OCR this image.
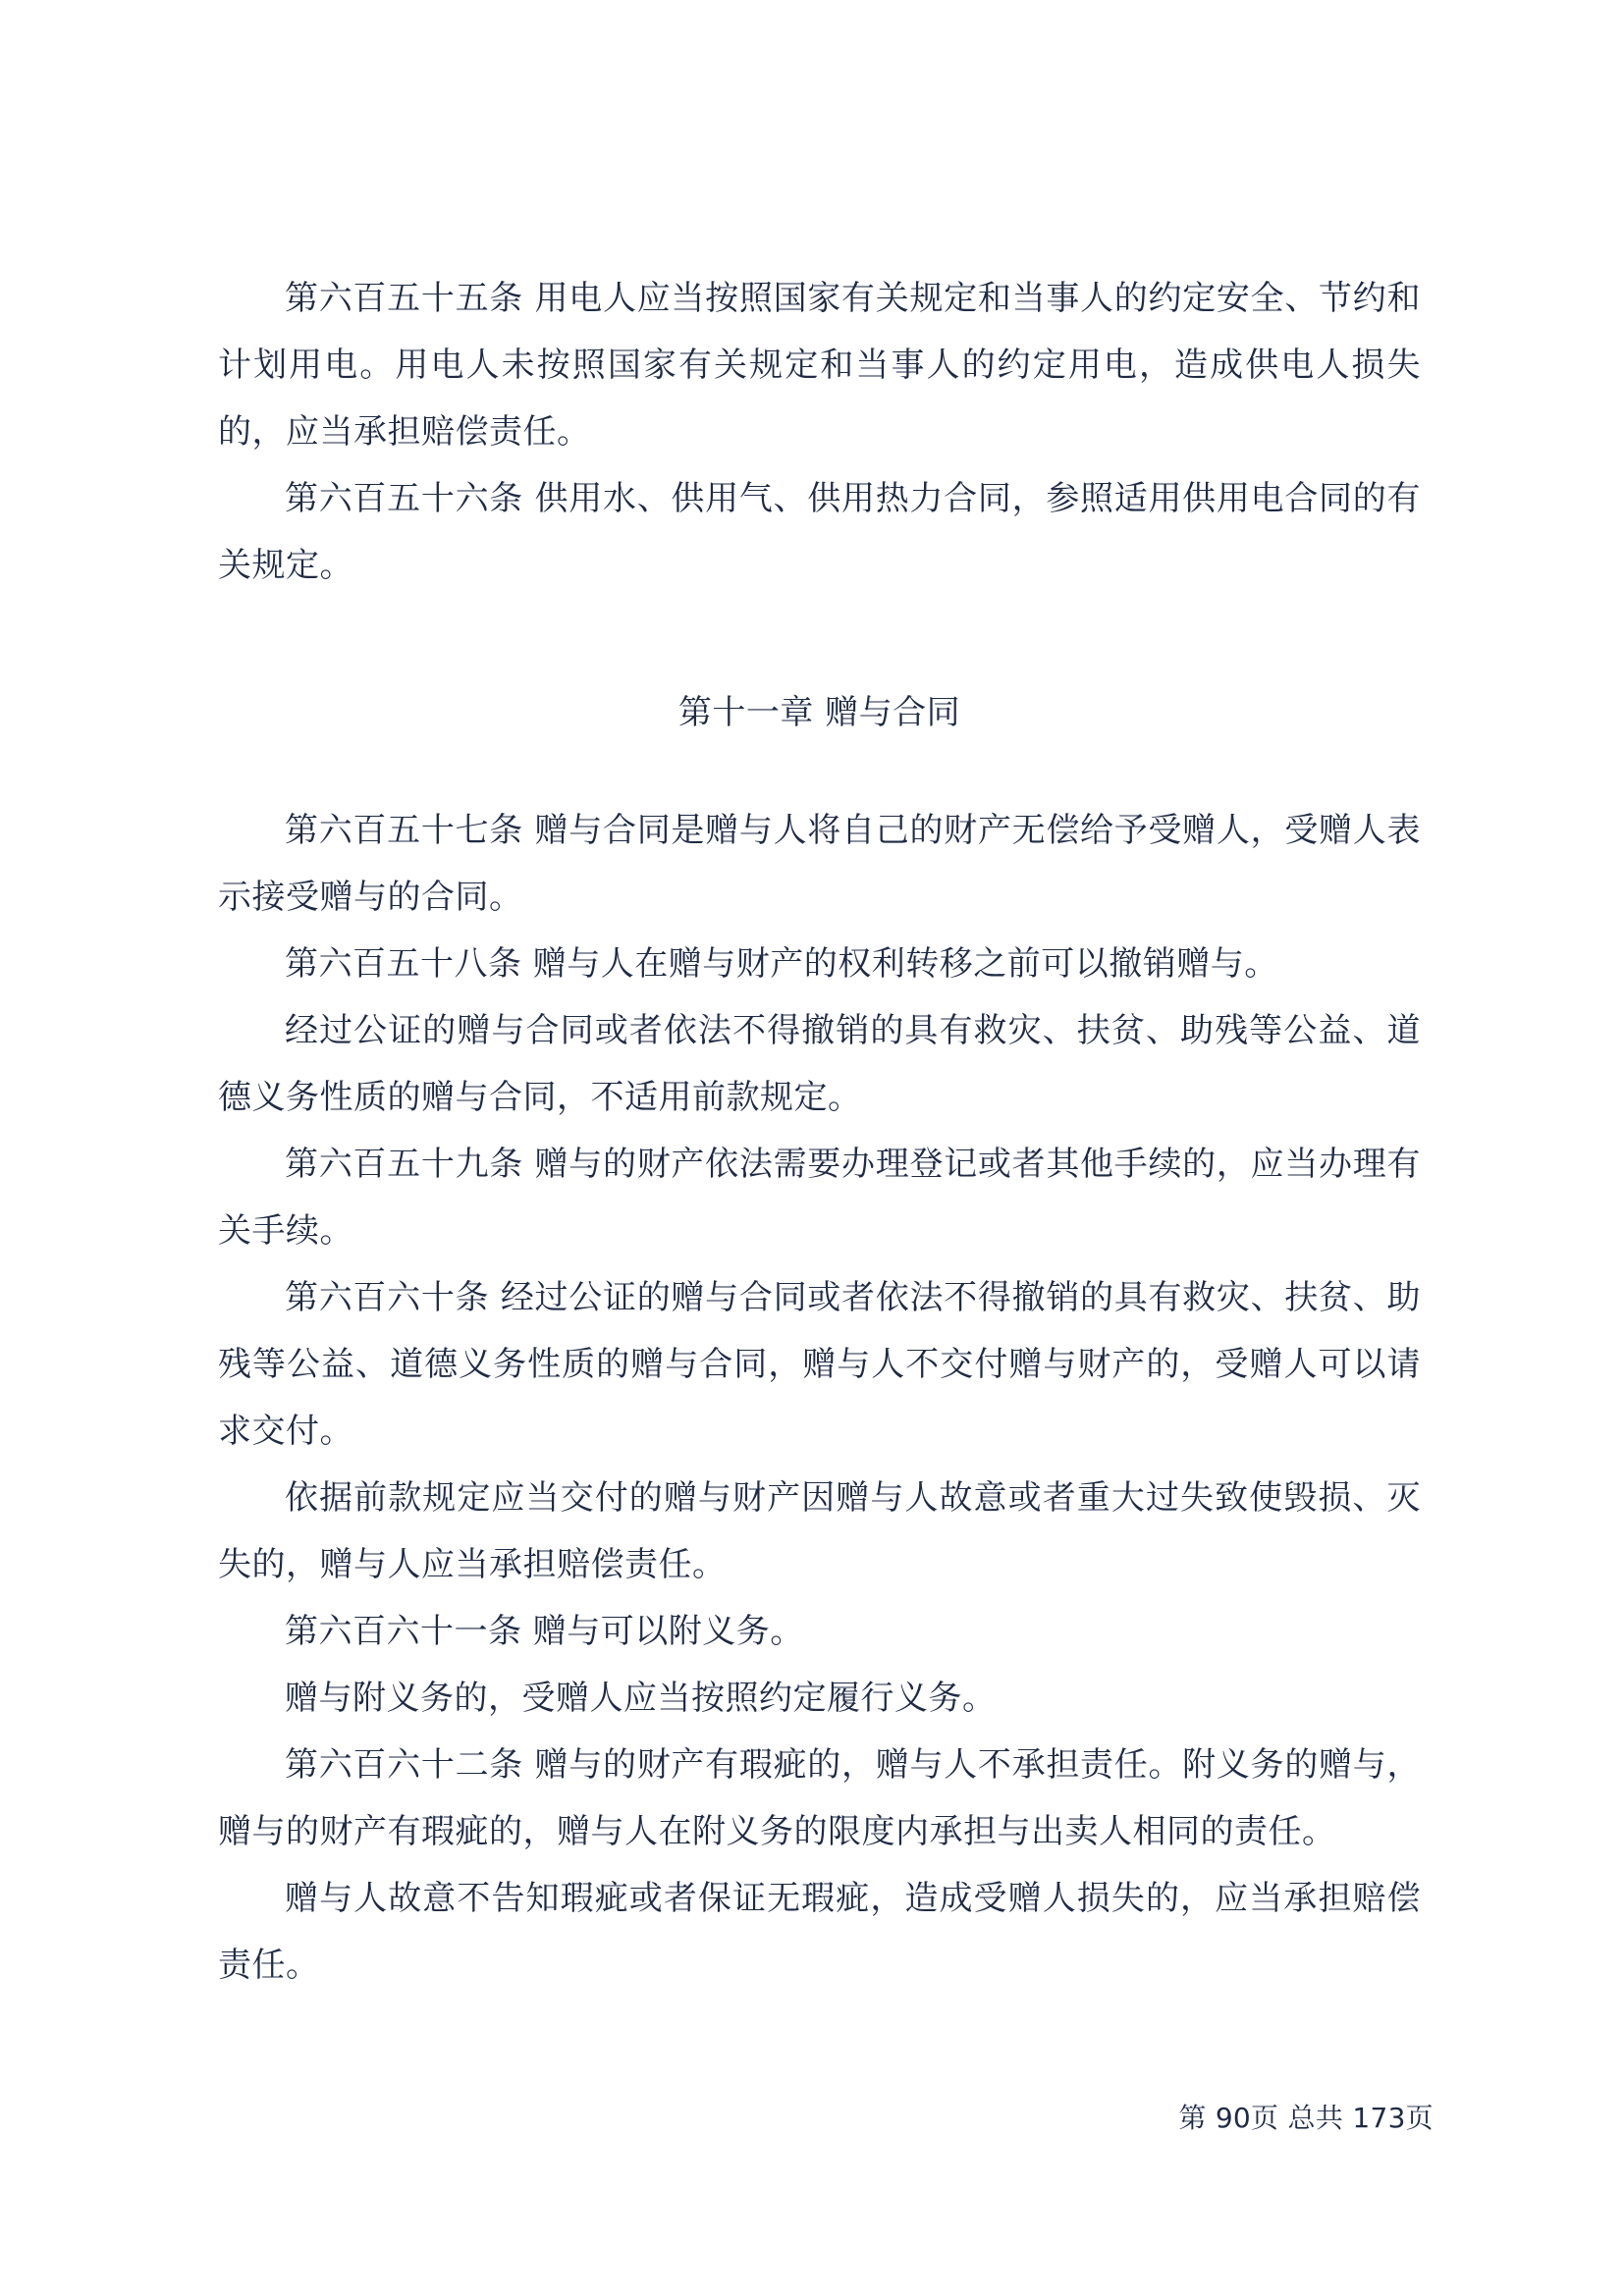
第六百五十五条 用电人应当按照国家有关规定和当事人的约定安全、节约和计划用电。用电人未按照国家有关规定和当事人的约定用电，造成供电人损失的，应当承担赔偿责任。

第六百五十六条 供用水、供用气、供用热力合同，参照适用供用电合同的有关规定。

第十一章 赠与合同

第六百五十七条 赠与合同是赠与人将自己的财产无偿给予受赠人，受赠人表示接受赠与的合同。

第六百五十八条 赠与人在赠与财产的权利转移之前可以撤销赠与。

经过公证的赠与合同或者依法不得撤销的具有救灾、扶贫、助残等公益、道德义务性质的赠与合同，不适用前款规定。

第六百五十九条 赠与的财产依法需要办理登记或者其他手续的，应当办理有关手续。

第六百六十条 经过公证的赠与合同或者依法不得撤销的具有救灾、扶贫、助残等公益、道德义务性质的赠与合同，赠与人不交付赠与财产的，受赠人可以请求交付。

依据前款规定应当交付的赠与财产因赠与人故意或者重大过失致使毁损、灭失的，赠与人应当承担赔偿责任。

第六百六十一条 赠与可以附义务。

赠与附义务的，受赠人应当按照约定履行义务。

第六百六十二条 赠与的财产有瑕疵的，赠与人不承担责任。附义务的赠与，赠与的财产有瑕疵的，赠与人在附义务的限度内承担与出卖人相同的责任。

赠与人故意不告知瑕疵或者保证无瑕疵，造成受赠人损失的，应当承担赔偿责任。

第 90页 总共 173页
